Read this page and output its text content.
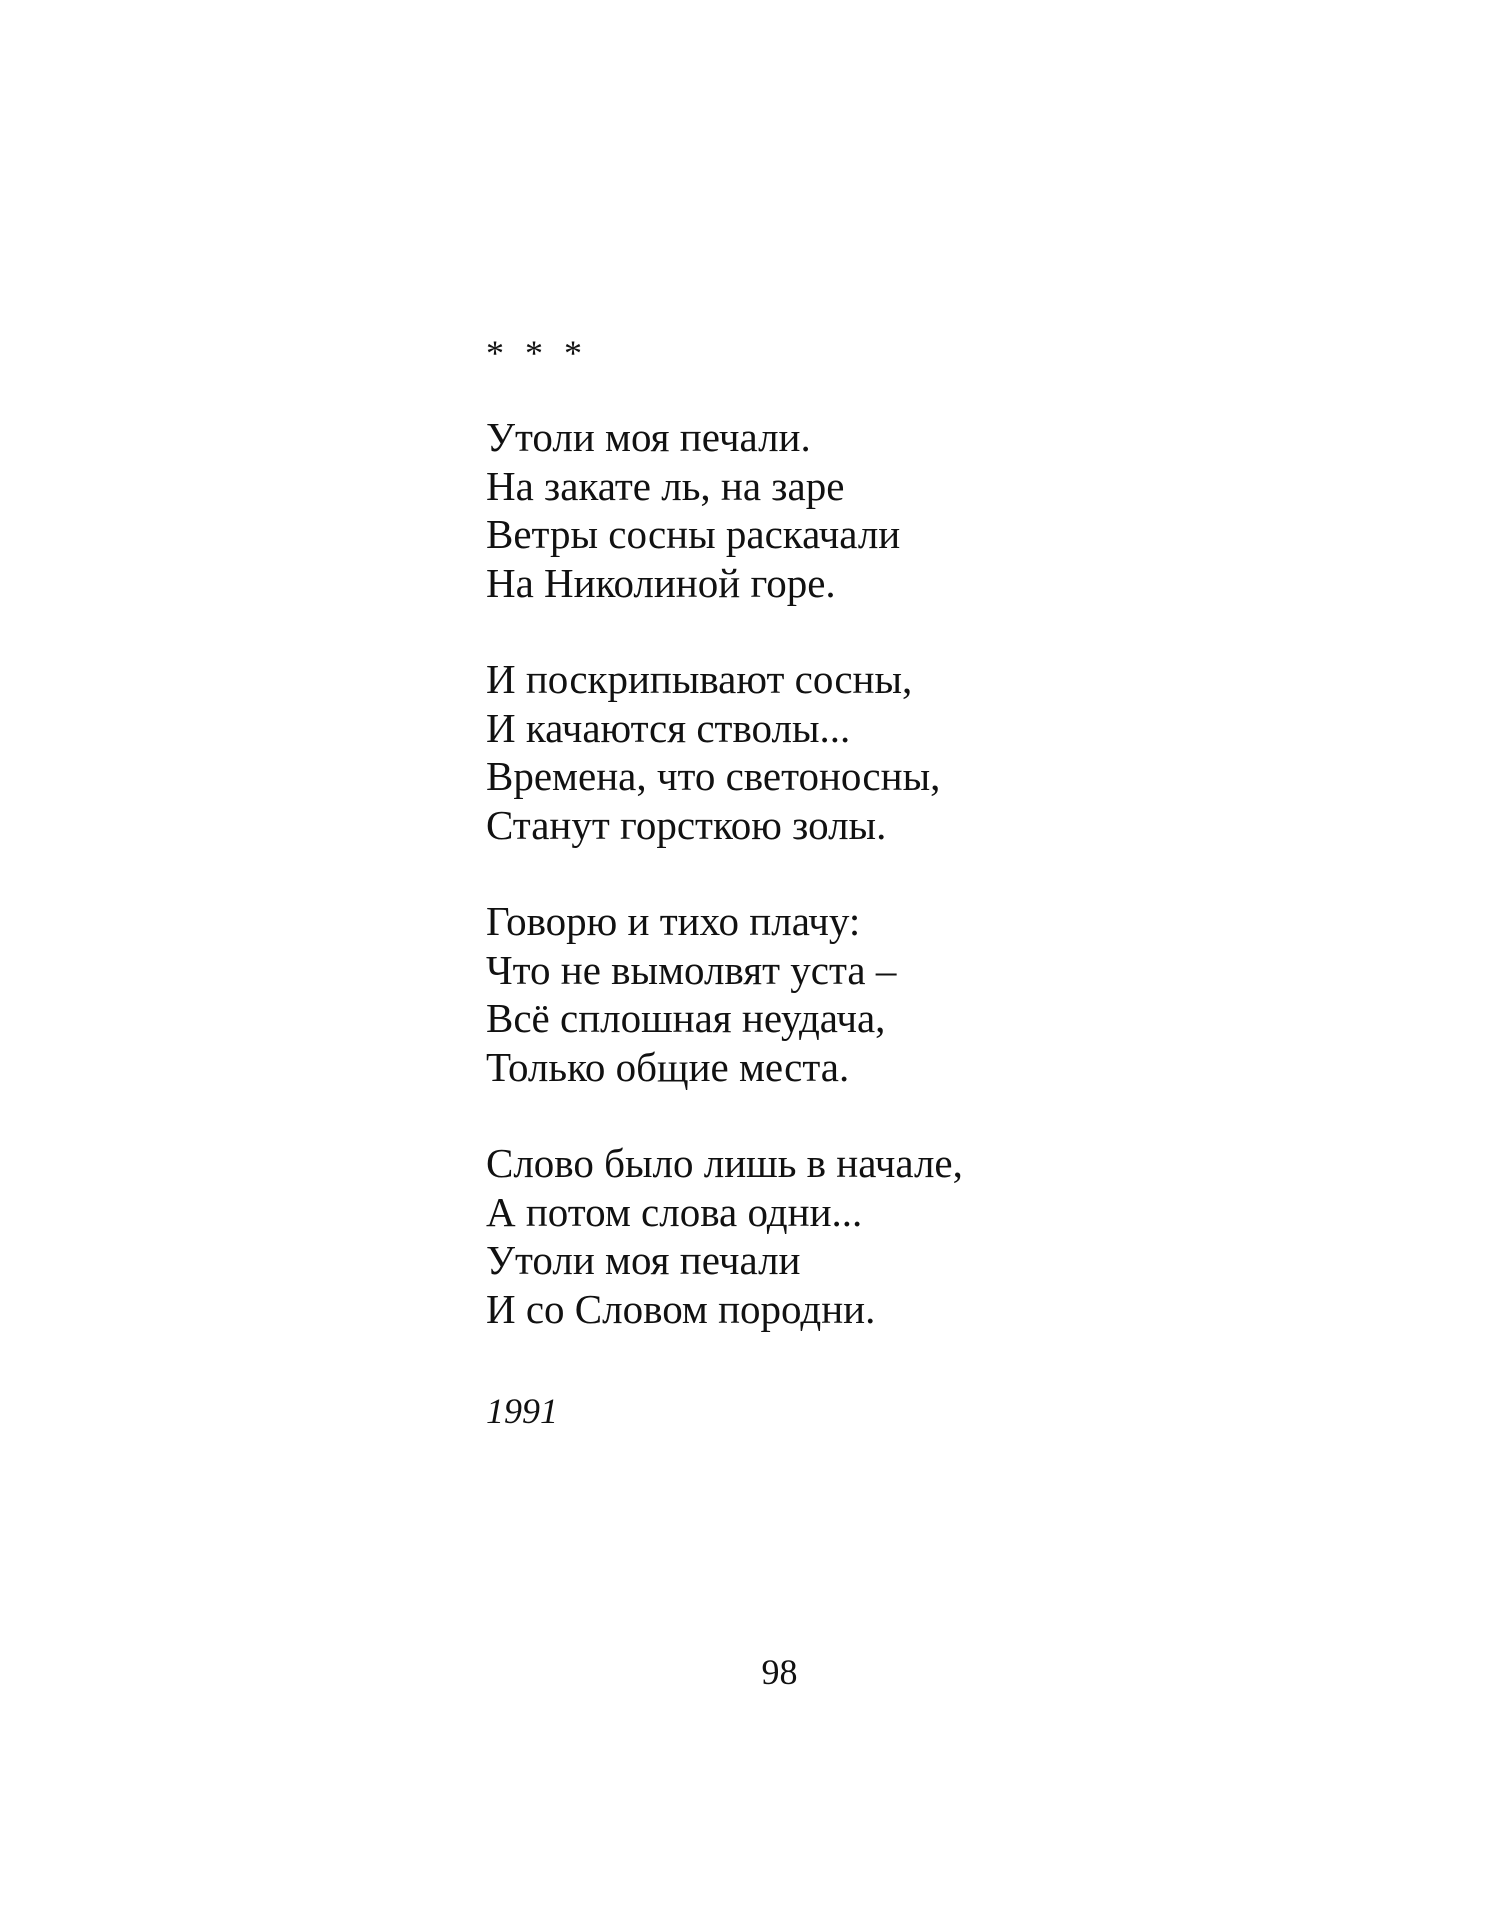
* * *
Утоли моя печали.
На закате ль, на заре
Ветры сосны раскачали
На Николиной горе.
И поскрипывают сосны,
И качаются стволы...
Времена, что светоносны,
Станут горсткою золы.
Говорю и тихо плачу:
Что не вымолвят уста –
Всё сплошная неудача,
Только общие места.
Слово было лишь в начале,
А потом слова одни...
Утоли моя печали
И со Словом породни.
1991
98
